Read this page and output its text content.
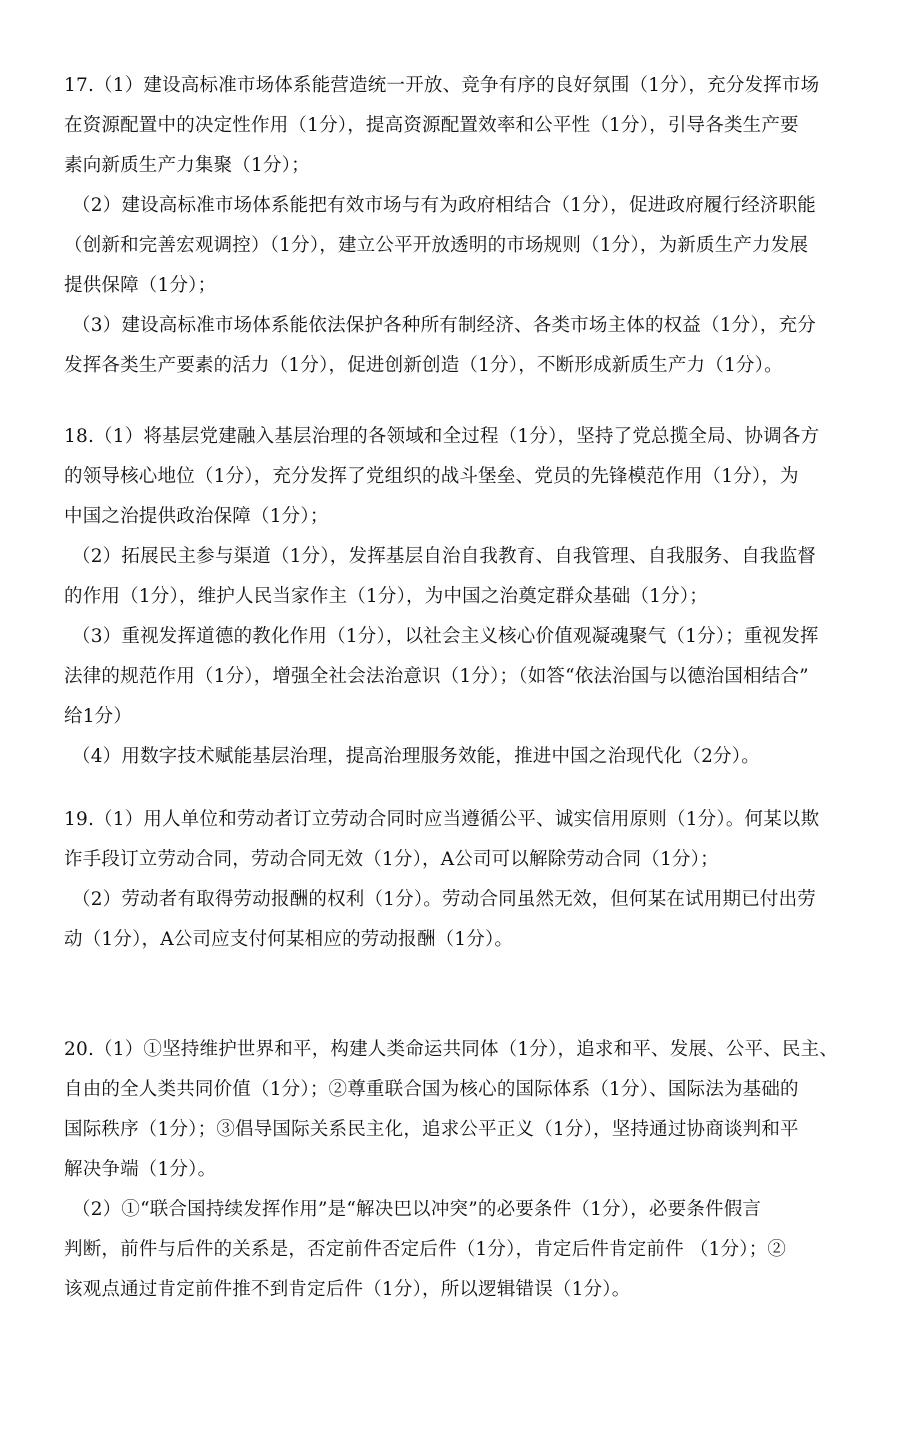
17.（1）建设高标准市场体系能营造统一开放、竞争有序的良好氛围（1分），充分发挥市场
在资源配置中的决定性作用（1分），提高资源配置效率和公平性（1分），引导各类生产要
素向新质生产力集聚（1分）；
（2）建设高标准市场体系能把有效市场与有为政府相结合（1分），促进政府履行经济职能
（创新和完善宏观调控）（1分），建立公平开放透明的市场规则（1分），为新质生产力发展
提供保障（1分）；
（3）建设高标准市场体系能依法保护各种所有制经济、各类市场主体的权益（1分），充分
发挥各类生产要素的活力（1分），促进创新创造（1分），不断形成新质生产力（1分）。
18.（1）将基层党建融入基层治理的各领域和全过程（1分），坚持了党总揽全局、协调各方
的领导核心地位（1分），充分发挥了党组织的战斗堡垒、党员的先锋模范作用（1分），为
中国之治提供政治保障（1分）；
（2）拓展民主参与渠道（1分），发挥基层自治自我教育、自我管理、自我服务、自我监督
的作用（1分），维护人民当家作主（1分），为中国之治奠定群众基础（1分）；
（3）重视发挥道德的教化作用（1分），以社会主义核心价值观凝魂聚气（1分）；重视发挥
法律的规范作用（1分），增强全社会法治意识（1分）；（如答“依法治国与以德治国相结合”
给1分）
（4）用数字技术赋能基层治理，提高治理服务效能，推进中国之治现代化（2分）。
19.（1）用人单位和劳动者订立劳动合同时应当遵循公平、诚实信用原则（1分）。何某以欺
诈手段订立劳动合同，劳动合同无效（1分），A公司可以解除劳动合同（1分）；
（2）劳动者有取得劳动报酬的权利（1分）。劳动合同虽然无效，但何某在试用期已付出劳
动（1分），A公司应支付何某相应的劳动报酬（1分）。
20.（1）①坚持维护世界和平，构建人类命运共同体（1分），追求和平、发展、公平、民主、
自由的全人类共同价值（1分）；②尊重联合国为核心的国际体系（1分）、国际法为基础的
国际秩序（1分）；③倡导国际关系民主化，追求公平正义（1分），坚持通过协商谈判和平
解决争端（1分）。
（2）①“联合国持续发挥作用”是“解决巴以冲突”的必要条件（1分），必要条件假言
判断，前件与后件的关系是，否定前件否定后件（1分），肯定后件肯定前件 （1分）；②
该观点通过肯定前件推不到肯定后件（1分），所以逻辑错误（1分）。
